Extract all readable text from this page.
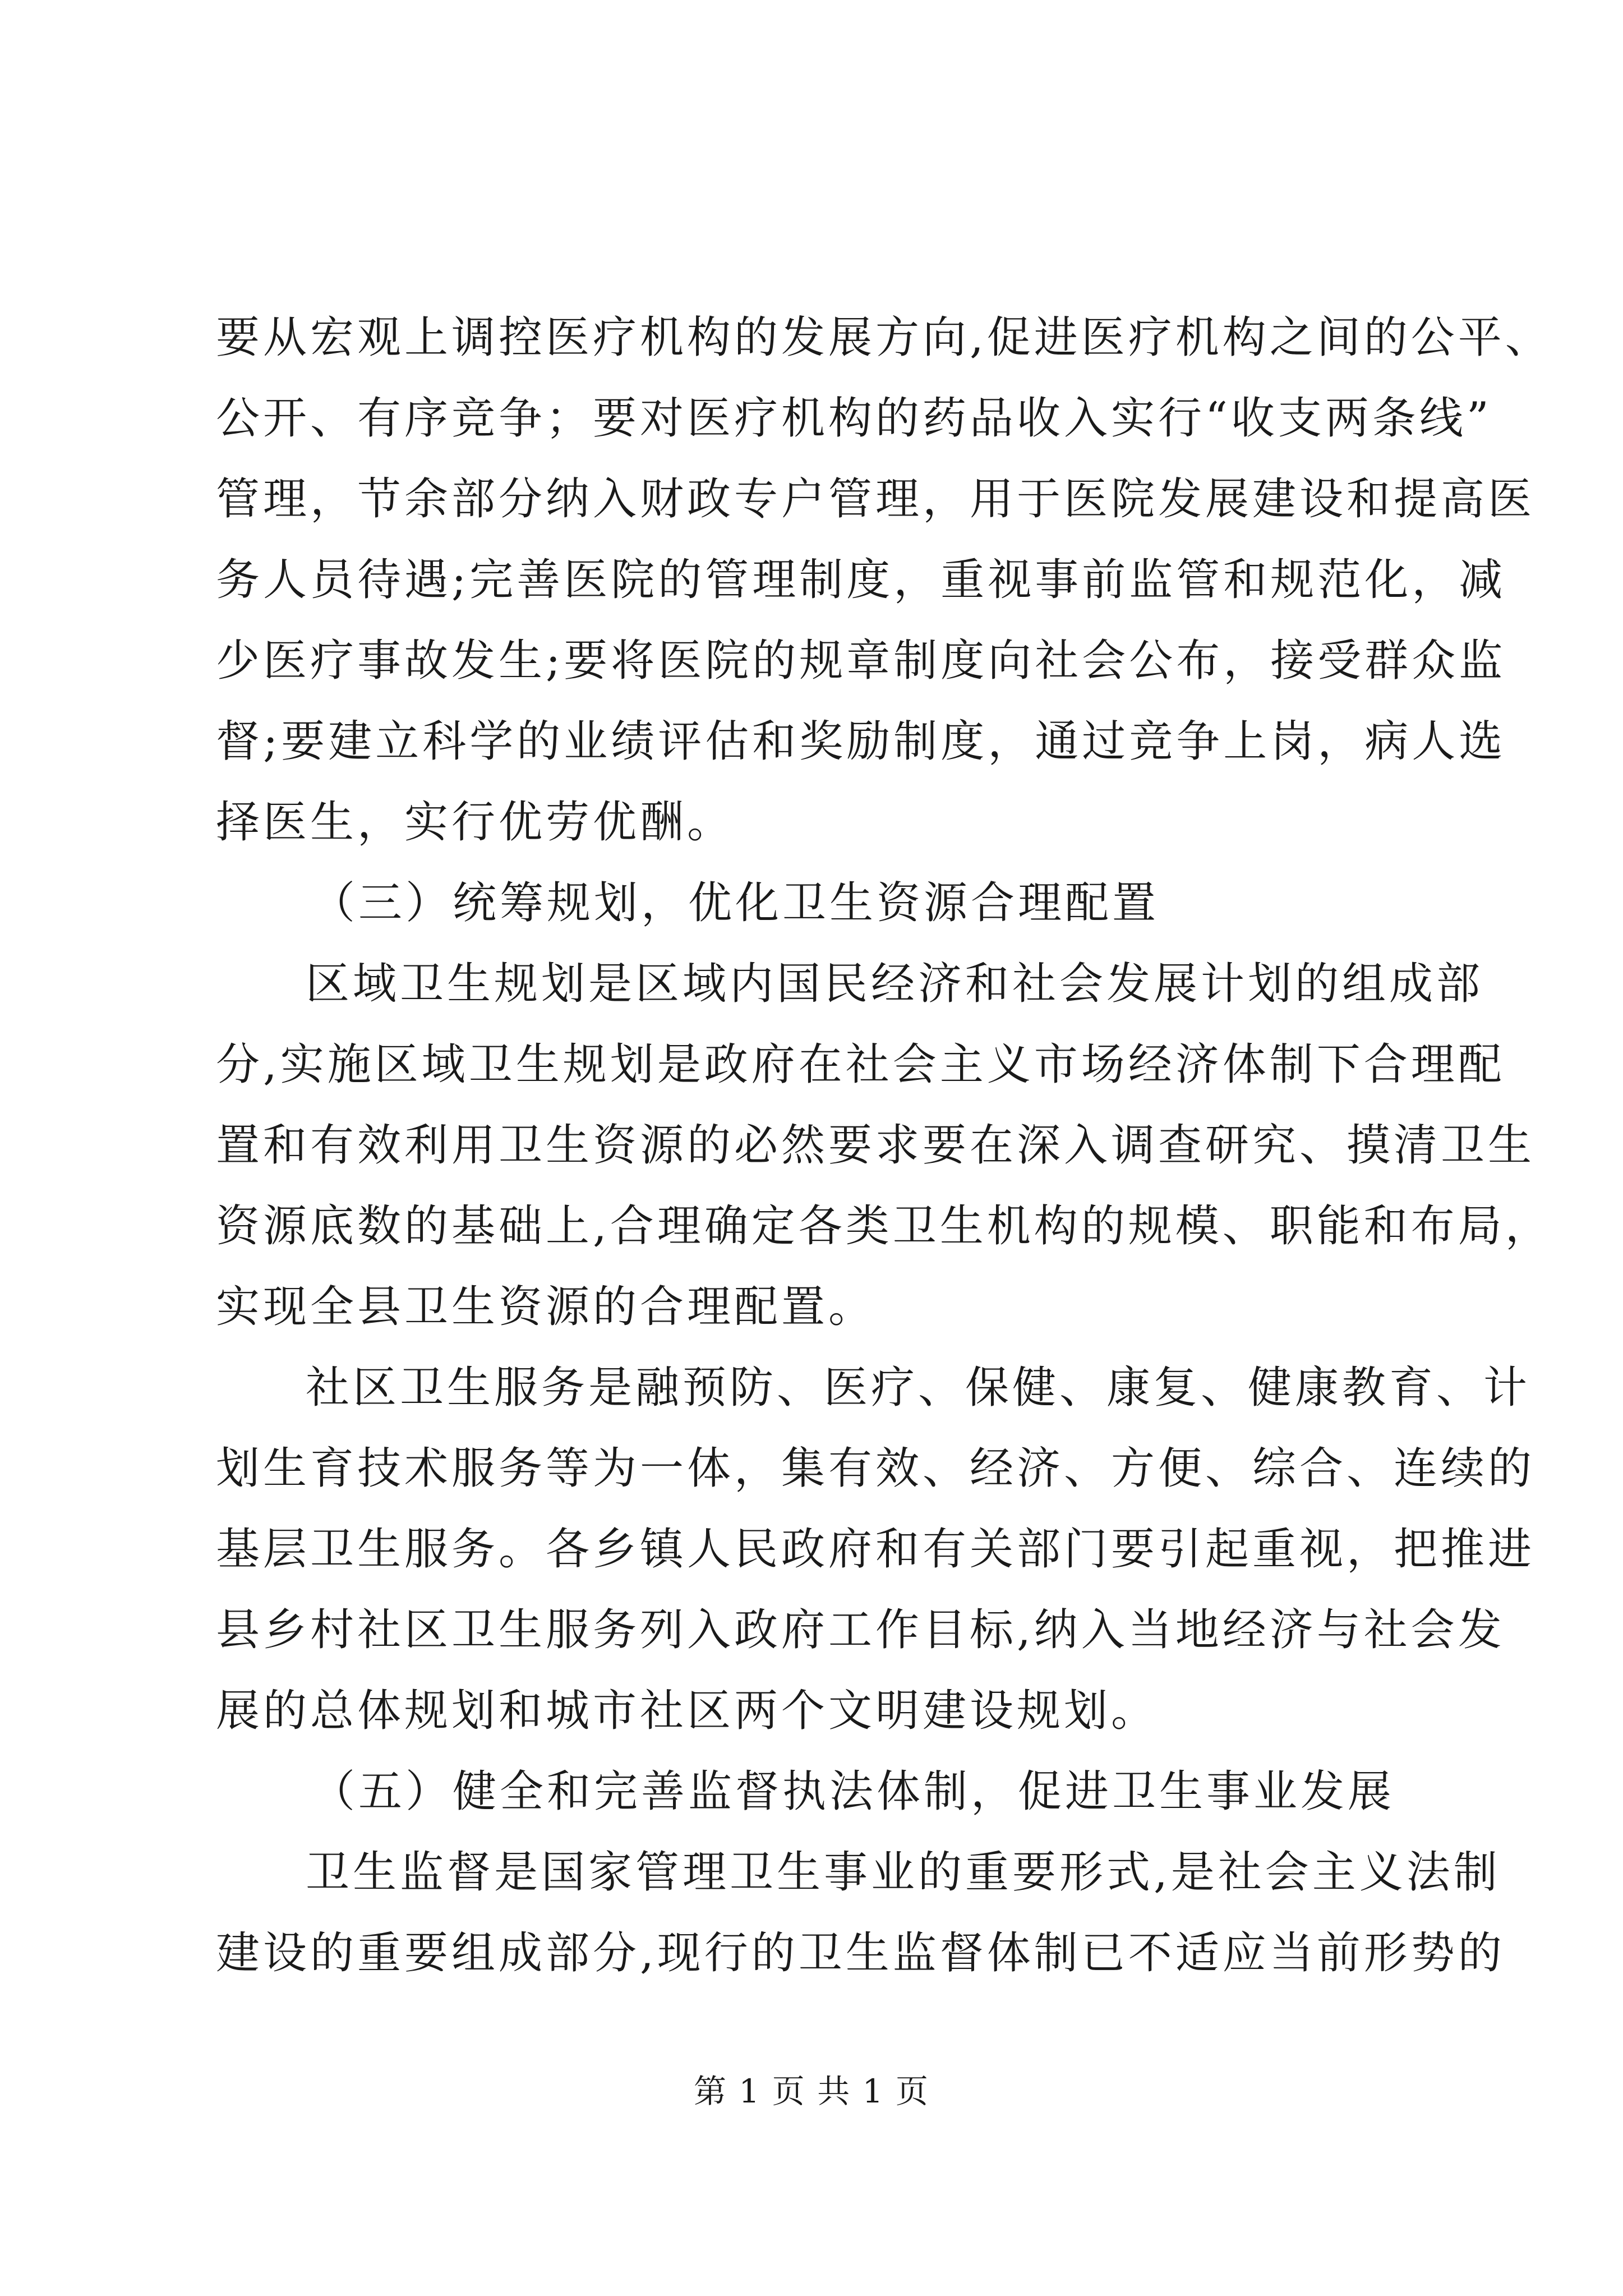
要从宏观上调控医疗机构的发展方向,促进医疗机构之间的公平、
公开、有序竞争；要对医疗机构的药品收入实行“收支两条线”
管理，节余部分纳入财政专户管理，用于医院发展建设和提高医
务人员待遇;完善医院的管理制度，重视事前监管和规范化，减
少医疗事故发生;要将医院的规章制度向社会公布，接受群众监
督;要建立科学的业绩评估和奖励制度，通过竞争上岗，病人选
择医生，实行优劳优酬。
（三）统筹规划，优化卫生资源合理配置
区域卫生规划是区域内国民经济和社会发展计划的组成部
分,实施区域卫生规划是政府在社会主义市场经济体制下合理配
置和有效利用卫生资源的必然要求要在深入调查研究、摸清卫生
资源底数的基础上,合理确定各类卫生机构的规模、职能和布局，
实现全县卫生资源的合理配置。
社区卫生服务是融预防、医疗、保健、康复、健康教育、计
划生育技术服务等为一体，集有效、经济、方便、综合、连续的
基层卫生服务。各乡镇人民政府和有关部门要引起重视，把推进
县乡村社区卫生服务列入政府工作目标,纳入当地经济与社会发
展的总体规划和城市社区两个文明建设规划。
（五）健全和完善监督执法体制，促进卫生事业发展
卫生监督是国家管理卫生事业的重要形式,是社会主义法制
建设的重要组成部分,现行的卫生监督体制已不适应当前形势的
第 1 页 共 1 页
